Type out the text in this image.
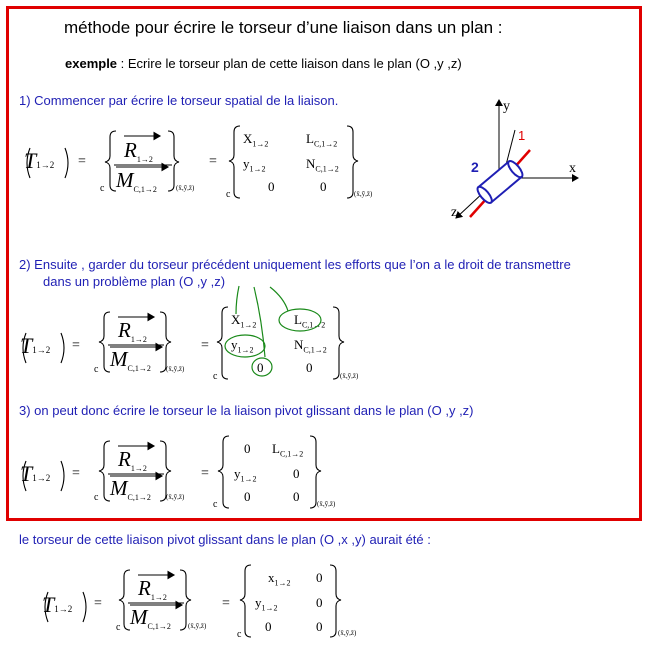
méthode pour écrire le torseur d’une liaison dans un plan :
exemple : Ecrire le torseur plan de cette liaison dans le plan (O ,y ,z)
1) Commencer par écrire le torseur spatial de la liaison.
2) Ensuite , garder du torseur précédent uniquement les efforts que l’on a le droit de transmettre
dans un problème plan (O ,y ,z)
3) on peut donc écrire le torseur le la liaison pivot glissant dans le plan (O ,y ,z)
le torseur de cette liaison pivot glissant dans le plan (O ,x ,y) aurait été :
$T1\to 2 = R_{1\to 2}$
$M_{C,1\to 2}$
c	(x̄,ȳ,z̄)
=
$X_{1\to 2}$	$L_{C,1\to 2}$
$y_{1\to 2}$	$N_{C,1\to 2}$
0	0
c	(x̄,ȳ,z̄)
T1→2 =
$R_{1\to 2}$
$M_{C,1\to 2}$
c	(x̄,ȳ,z̄)
=
$X_{1\to 2}$	$L_{C,1\to 2}$
$y_{1\to 2}$	$N_{C,1\to 2}$
0	0
c	(x̄,ȳ,z̄)
T1→2 =
$R_{1\to 2}$
$M_{C,1\to 2}$
c	(x̄,ȳ,z̄)
=
0 $L_{C,1\to 2}$
$y_{1\to 2}$	0
0	0
c	(x̄,ȳ,z̄)
T1→2 =
$R_{1\to 2}$
$M_{C,1\to 2}$
c	(x̄,ȳ,z̄)
=
$x_{1\to 2}$ 0
$y_{1\to 2}$	0
0	0
c	(x̄,ȳ,z̄)
y
x
z
1
2
